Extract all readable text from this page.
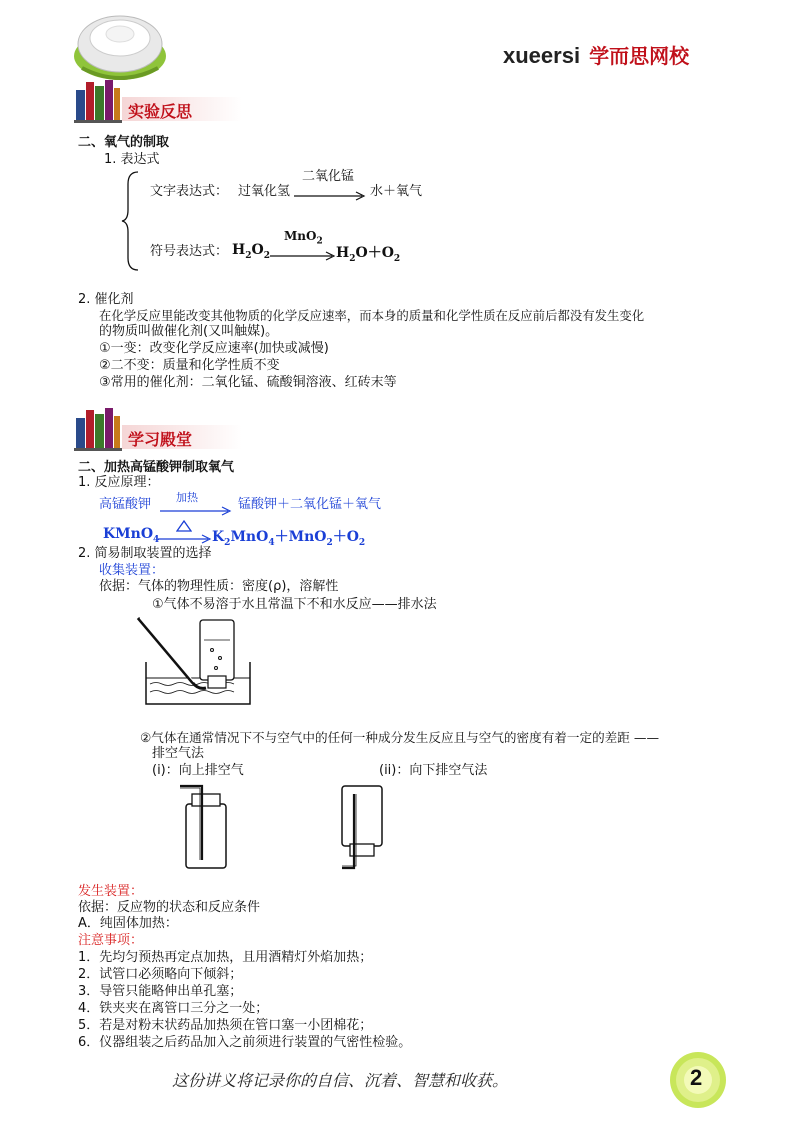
xueersi 学而思网校
实验反思
二、氧气的制取
1. 表达式
文字表达式： 过氧化氢
二氧化锰
水＋氧气
符号表达式： $H_2O_2$
MnO$_2$
$H_2O+O_2$
2. 催化剂
在化学反应里能改变其他物质的化学反应速率，而本身的质量和化学性质在反应前后都没有发生变化
的物质叫做催化剂(又叫触媒)。
①一变：改变化学反应速率(加快或减慢)
②二不变：质量和化学性质不变
③常用的催化剂：二氧化锰、硫酸铜溶液、红砖末等
学习殿堂
二、加热高锰酸钾制取氧气
1. 反应原理：
高锰酸钾 加热	锰酸钾＋二氧化锰＋氧气
KMnO$_4$	$K_2MnO_4+MnO_2+O_2$
2. 简易制取装置的选择
收集装置：
依据：气体的物理性质：密度(ρ)，溶解性
①气体不易溶于水且常温下不和水反应——排水法
②气体在通常情况下不与空气中的任何一种成分发生反应且与空气的密度有着一定的差距 ——
排空气法
(i)：向上排空气	(ii)：向下排空气法
发生装置：
依据：反应物的状态和反应条件
A．纯固体加热：
注意事项：
1．先均匀预热再定点加热，且用酒精灯外焰加热；
2．试管口必须略向下倾斜；
3．导管只能略伸出单孔塞；
4．铁夹夹在离管口三分之一处；
5．若是对粉末状药品加热须在管口塞一小团棉花；
6．仪器组装之后药品加入之前须进行装置的气密性检验。
这份讲义将记录你的自信、沉着、智慧和收获。	2
